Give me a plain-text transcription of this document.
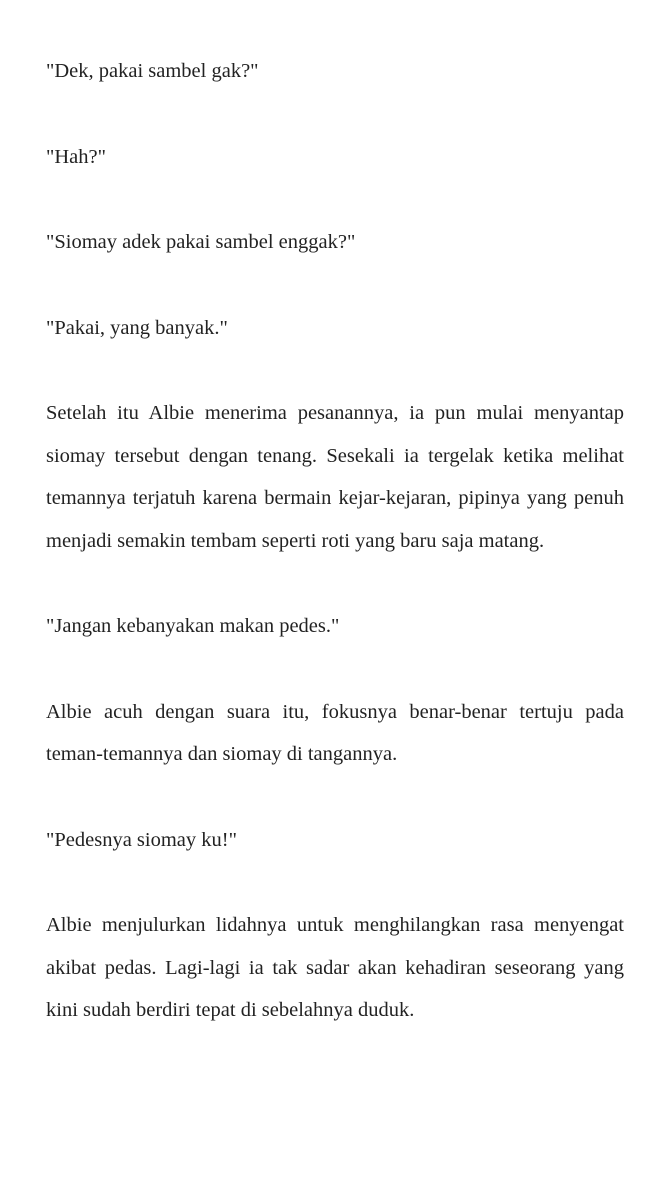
"Dek, pakai sambel gak?"

"Hah?"

"Siomay adek pakai sambel enggak?"

"Pakai, yang banyak."

Setelah itu Albie menerima pesanannya, ia pun mulai menyantap siomay tersebut dengan tenang. Sesekali ia tergelak ketika melihat temannya terjatuh karena bermain kejar-kejaran, pipinya yang penuh menjadi semakin tembam seperti roti yang baru saja matang.

"Jangan kebanyakan makan pedes."

Albie acuh dengan suara itu, fokusnya benar-benar tertuju pada teman-temannya dan siomay di tangannya.

"Pedesnya siomay ku!"

Albie menjulurkan lidahnya untuk menghilangkan rasa menyengat akibat pedas. Lagi-lagi ia tak sadar akan kehadiran seseorang yang kini sudah berdiri tepat di sebelahnya duduk.
